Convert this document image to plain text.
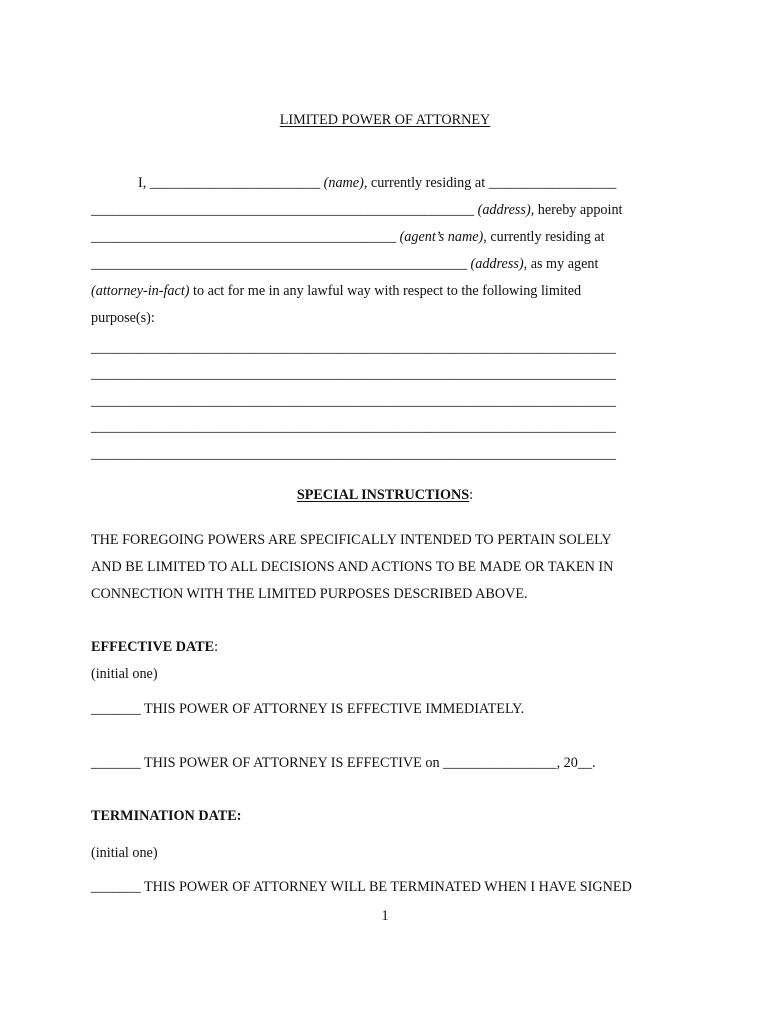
LIMITED POWER OF ATTORNEY
I, ________________________ (name), currently residing at __________________
______________________________________________________ (address), hereby appoint
___________________________________________ (agent’s name), currently residing at
_____________________________________________________ (address), as my agent
(attorney-in-fact) to act for me in any lawful way with respect to the following limited
purpose(s):
__________________________________________________________________________
__________________________________________________________________________
__________________________________________________________________________
__________________________________________________________________________
__________________________________________________________________________
SPECIAL INSTRUCTIONS:
THE FOREGOING POWERS ARE SPECIFICALLY INTENDED TO PERTAIN SOLELY
AND BE LIMITED TO ALL DECISIONS AND ACTIONS TO BE MADE OR TAKEN IN
CONNECTION WITH THE LIMITED PURPOSES DESCRIBED ABOVE.
EFFECTIVE DATE:
(initial one)
_______ THIS POWER OF ATTORNEY IS EFFECTIVE IMMEDIATELY.
_______ THIS POWER OF ATTORNEY IS EFFECTIVE on ________________, 20__.
TERMINATION DATE:
(initial one)
_______ THIS POWER OF ATTORNEY WILL BE TERMINATED WHEN I HAVE SIGNED
1
